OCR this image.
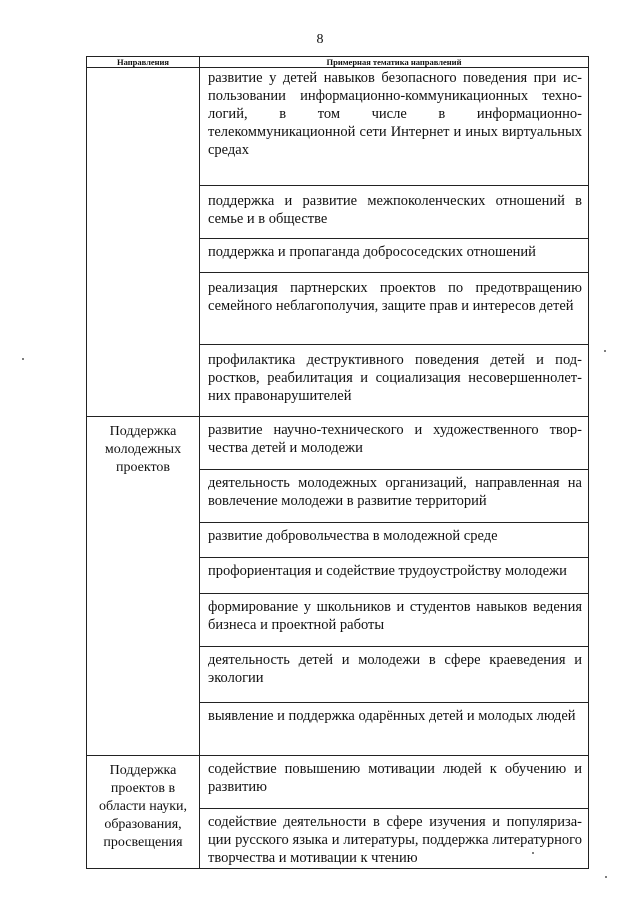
8
Направления	Примерная тематика направлений

	развитие у детей навыков безопасного поведения при использовании информационно-коммуникационных технологий, в том числе в информационно-телекоммуникационной сети Интернет и иных виртуальных средах

	поддержка и развитие межпоколенческих отношений в семье и в обществе

	поддержка и пропаганда добрососедских отношений

	реализация партнерских проектов по предотвращению семейного неблагополучия, защите прав и интересов детей

	профилактика деструктивного поведения детей и подростков, реабилитация и социализация несовершеннолетних правонарушителей

Поддержка молодежных проектов	развитие научно-технического и художественного творчества детей и молодежи

	деятельность молодежных организаций, направленная на вовлечение молодежи в развитие территорий

	развитие добровольчества в молодежной среде

	профориентация и содействие трудоустройству молодежи

	формирование у школьников и студентов навыков ведения бизнеса и проектной работы

	деятельность детей и молодежи в сфере краеведения и экологии

	выявление и поддержка одарённых детей и молодых людей

Поддержка проектов в области науки, образования, просвещения	содействие повышению мотивации людей к обучению и развитию

	содействие деятельности в сфере изучения и популяризации русского языка и литературы, поддержка литературного творчества и мотивации к чтению
